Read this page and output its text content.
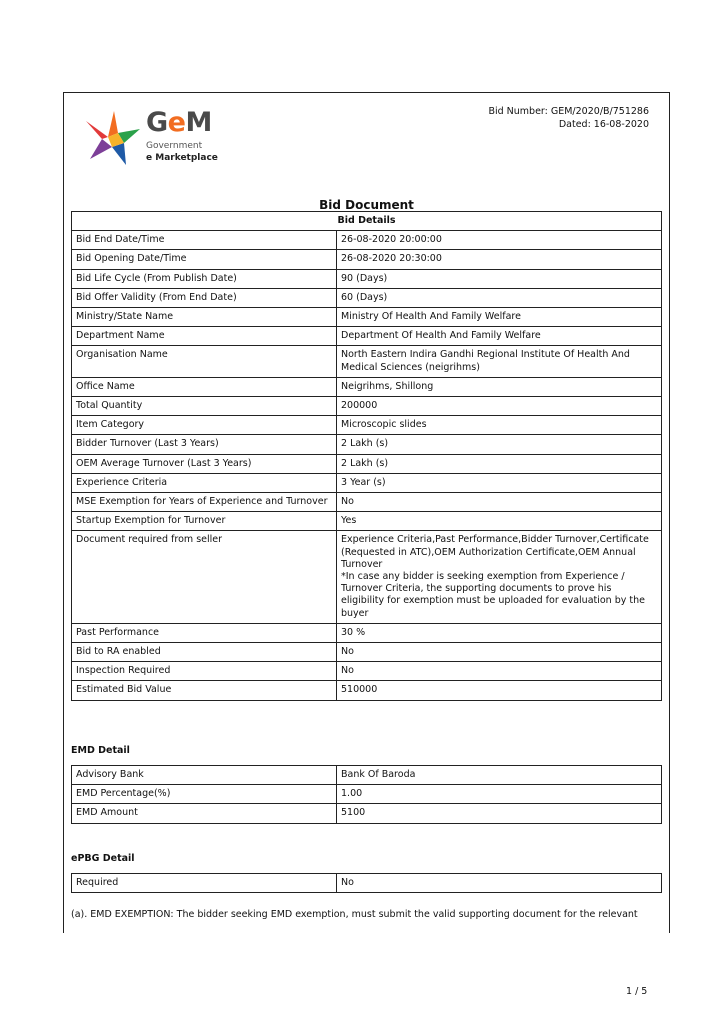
Bid Number: GEM/2020/B/751286
Dated: 16-08-2020
GeM
Government
e Marketplace
Bid Document
Bid Details	
Bid End Date/Time	26-08-2020 20:00:00
Bid Opening Date/Time	26-08-2020 20:30:00
Bid Life Cycle (From Publish Date)	90 (Days)
Bid Offer Validity (From End Date)	60 (Days)
Ministry/State Name	Ministry Of Health And Family Welfare
Department Name	Department Of Health And Family Welfare
Organisation Name	North Eastern Indira Gandhi Regional Institute Of Health And Medical Sciences (neigrihms)
Office Name	Neigrihms, Shillong
Total Quantity	200000
Item Category	Microscopic slides
Bidder Turnover (Last 3 Years)	2 Lakh (s)
OEM Average Turnover (Last 3 Years)	2 Lakh (s)
Experience Criteria	3 Year (s)
MSE Exemption for Years of Experience and Turnover	No
Startup Exemption for Turnover	Yes
Document required from seller	Experience Criteria,Past Performance,Bidder Turnover,Certificate (Requested in ATC),OEM Authorization Certificate,OEM Annual Turnover
*In case any bidder is seeking exemption from Experience / Turnover Criteria, the supporting documents to prove his eligibility for exemption must be uploaded for evaluation by the buyer

Past Performance	30 %
Bid to RA enabled	No
Inspection Required	No
Estimated Bid Value	510000
EMD Detail
Advisory Bank	Bank Of Baroda
EMD Percentage(%)	1.00
EMD Amount	5100
ePBG Detail
Required	No
(a). EMD EXEMPTION: The bidder seeking EMD exemption, must submit the valid supporting document for the relevant
1 / 5
